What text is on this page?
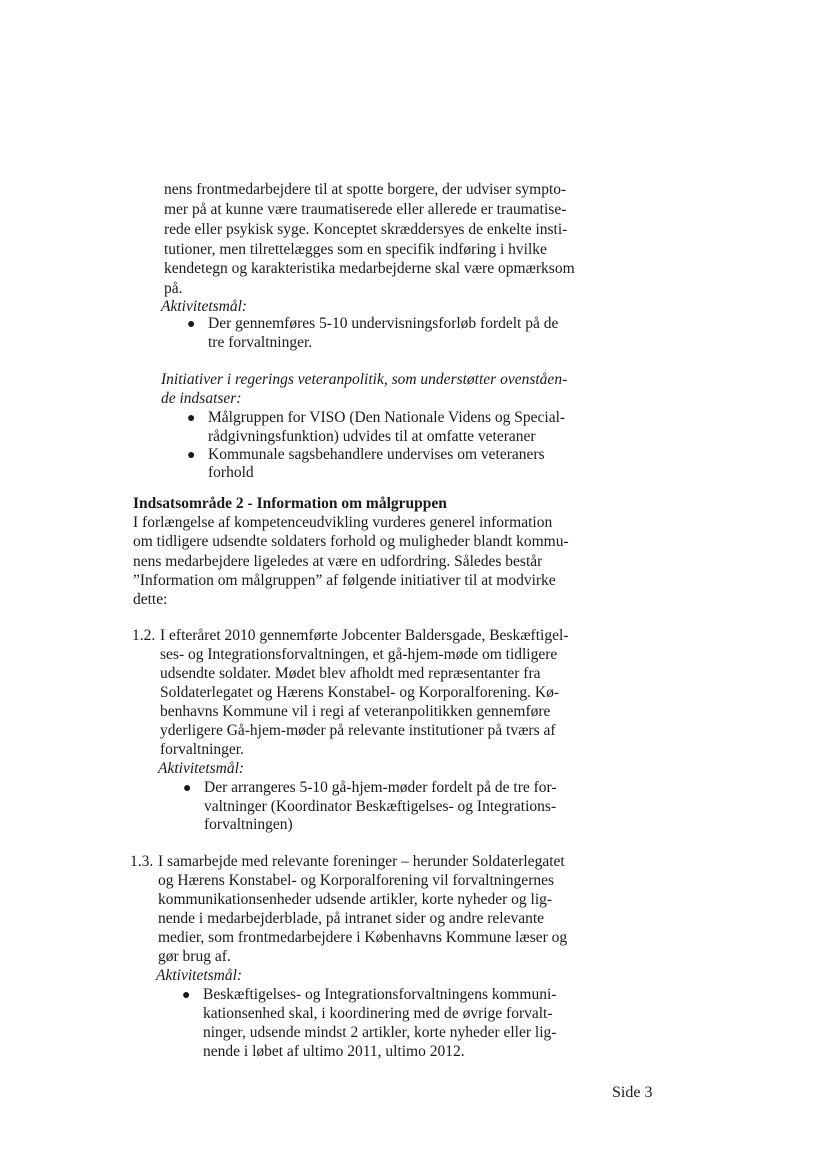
nens frontmedarbejdere til at spotte borgere, der udviser sympto-
mer på at kunne være traumatiserede eller allerede er traumatise-
rede eller psykisk syge. Konceptet skræddersyes de enkelte insti-
tutioner, men tilrettelægges som en specifik indføring i hvilke
kendetegn og karakteristika medarbejderne skal være opmærksom
på.
Aktivitetsmål:
● Der gennemføres 5-10 undervisningsforløb fordelt på de
tre forvaltninger.
Initiativer i regerings veteranpolitik, som understøtter ovenståen-
de indsatser:
● Målgruppen for VISO (Den Nationale Videns og Special-
rådgivningsfunktion) udvides til at omfatte veteraner
● Kommunale sagsbehandlere undervises om veteraners
forhold
Indsatsområde 2 - Information om målgruppen
I forlængelse af kompetenceudvikling vurderes generel information
om tidligere udsendte soldaters forhold og muligheder blandt kommu-
nens medarbejdere ligeledes at være en udfordring. Således består
”Information om målgruppen” af følgende initiativer til at modvirke
dette:
1.2. I efteråret 2010 gennemførte Jobcenter Baldersgade, Beskæftigel-
ses- og Integrationsforvaltningen, et gå-hjem-møde om tidligere
udsendte soldater. Mødet blev afholdt med repræsentanter fra
Soldaterlegatet og Hærens Konstabel- og Korporalforening. Kø-
benhavns Kommune vil i regi af veteranpolitikken gennemføre
yderligere Gå-hjem-møder på relevante institutioner på tværs af
forvaltninger.
Aktivitetsmål:
● Der arrangeres 5-10 gå-hjem-møder fordelt på de tre for-
valtninger (Koordinator Beskæftigelses- og Integrations-
forvaltningen)
1.3. I samarbejde med relevante foreninger – herunder Soldaterlegatet
og Hærens Konstabel- og Korporalforening vil forvaltningernes
kommunikationsenheder udsende artikler, korte nyheder og lig-
nende i medarbejderblade, på intranet sider og andre relevante
medier, som frontmedarbejdere i Københavns Kommune læser og
gør brug af.
Aktivitetsmål:
● Beskæftigelses- og Integrationsforvaltningens kommuni-
kationsenhed skal, i koordinering med de øvrige forvalt-
ninger, udsende mindst 2 artikler, korte nyheder eller lig-
nende i løbet af ultimo 2011, ultimo 2012.
Side 3
